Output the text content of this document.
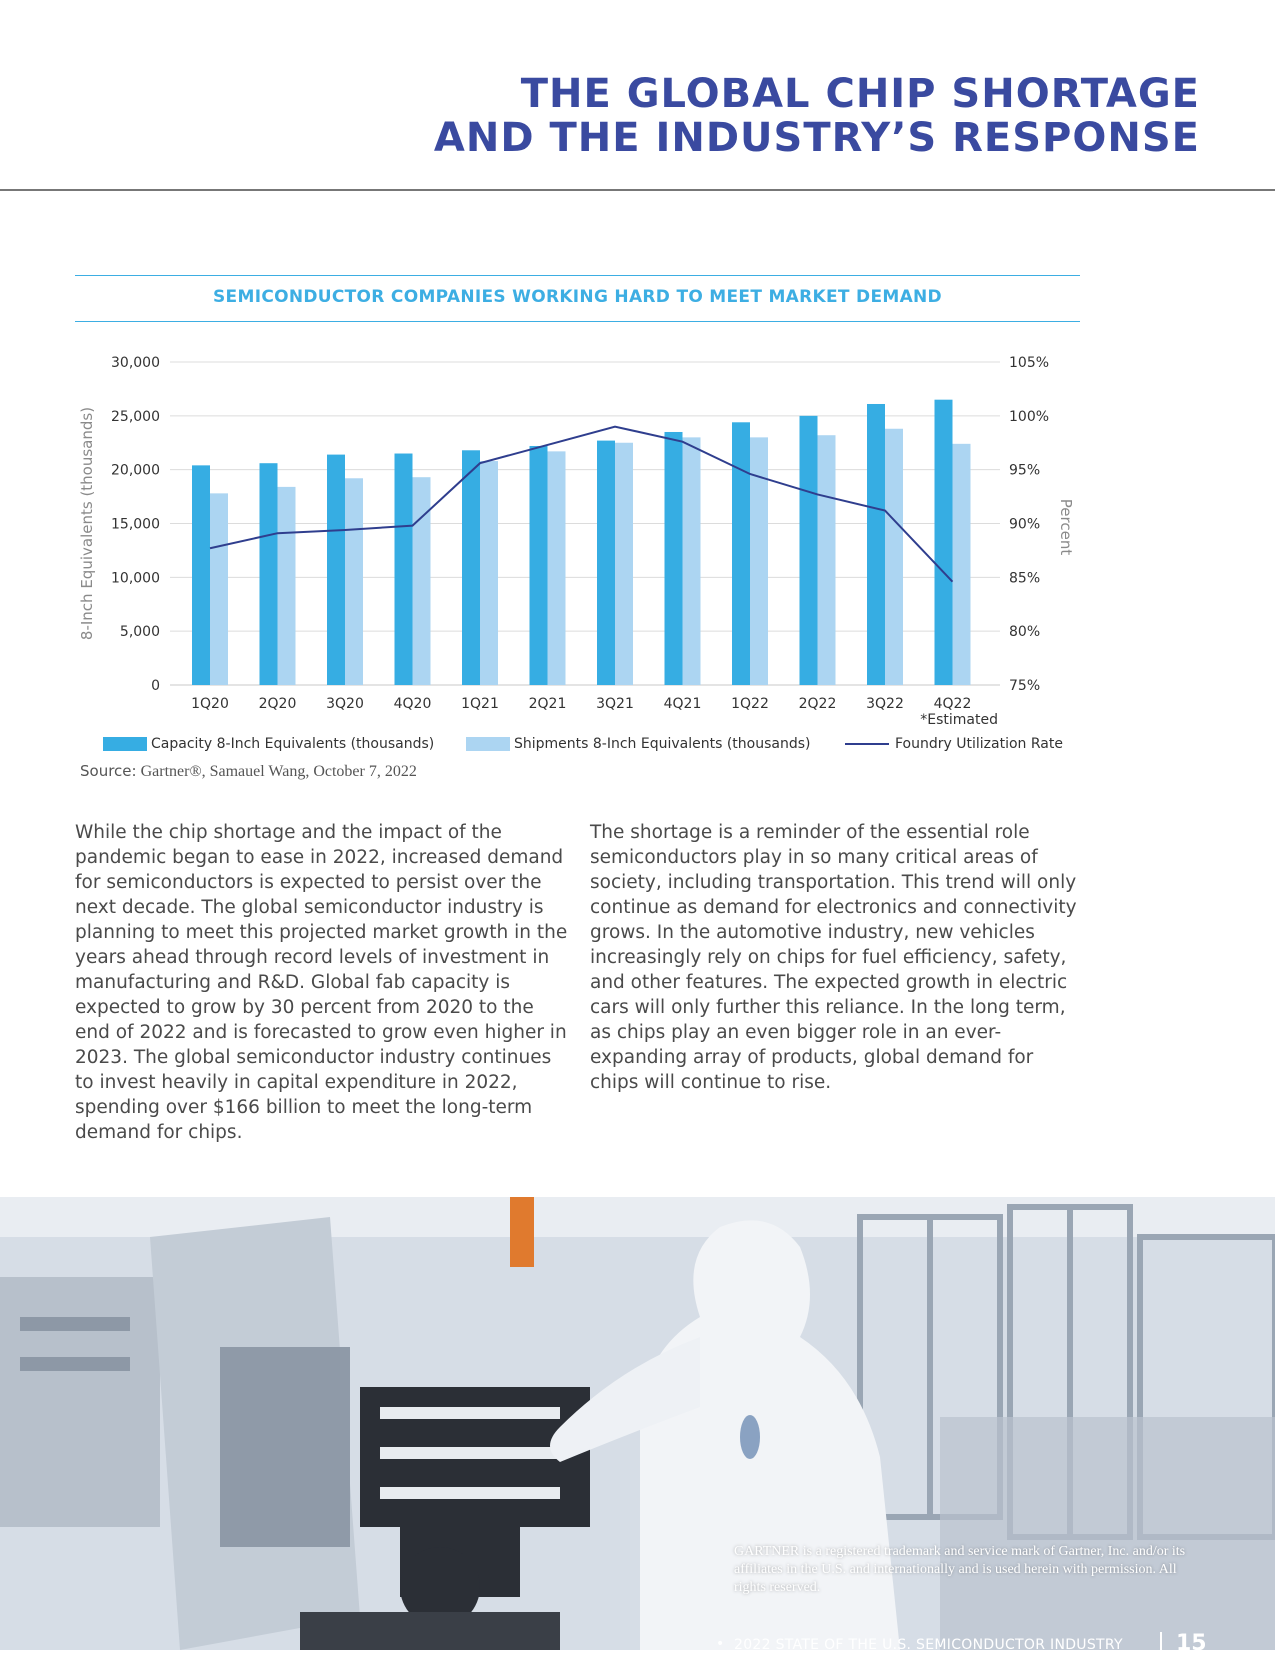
THE GLOBAL CHIP SHORTAGE
AND THE INDUSTRY’S RESPONSE
SEMICONDUCTOR COMPANIES WORKING HARD TO MEET MARKET DEMAND
0
5,000
10,000
15,000
20,000
25,000
30,000
75%
80%
85%
90%
95%
100%
105%
1Q20 2Q20 3Q20 4Q20 1Q21 2Q21 3Q21 4Q21 1Q22 2Q22 3Q22 4Q22
*Estimated
8-Inch Equivalents (thousands)	Percent
Capacity 8-Inch Equivalents (thousands)	Shipments 8-Inch Equivalents (thousands)	Foundry Utilization Rate
Source: Gartner®, Samauel Wang, October 7, 2022

While the chip shortage and the impact of the pandemic began to ease in 2022, increased demand for semiconductors is expected to persist over the next decade. The global semiconductor industry is planning to meet this projected market growth in the years ahead through record levels of investment in manufacturing and R&D. Global fab capacity is expected to grow by 30 percent from 2020 to the end of 2022 and is forecasted to grow even higher in 2023. The global semiconductor industry continues to invest heavily in capital expenditure in 2022, spending over $166 billion to meet the long-term demand for chips.

The shortage is a reminder of the essential role semiconductors play in so many critical areas of society, including transportation. This trend will only continue as demand for electronics and connectivity grows. In the automotive industry, new vehicles increasingly rely on chips for fuel efficiency, safety, and other features. The expected growth in electric cars will only further this reliance. In the long term, as chips play an even bigger role in an ever-expanding array of products, global demand for chips will continue to rise.

GARTNER is a registered trademark and service mark of Gartner, Inc. and/or its affiliates in the U.S. and internationally and is used herein with permission. All rights reserved.
• 2022 STATE OF THE U.S. SEMICONDUCTOR INDUSTRY 15
